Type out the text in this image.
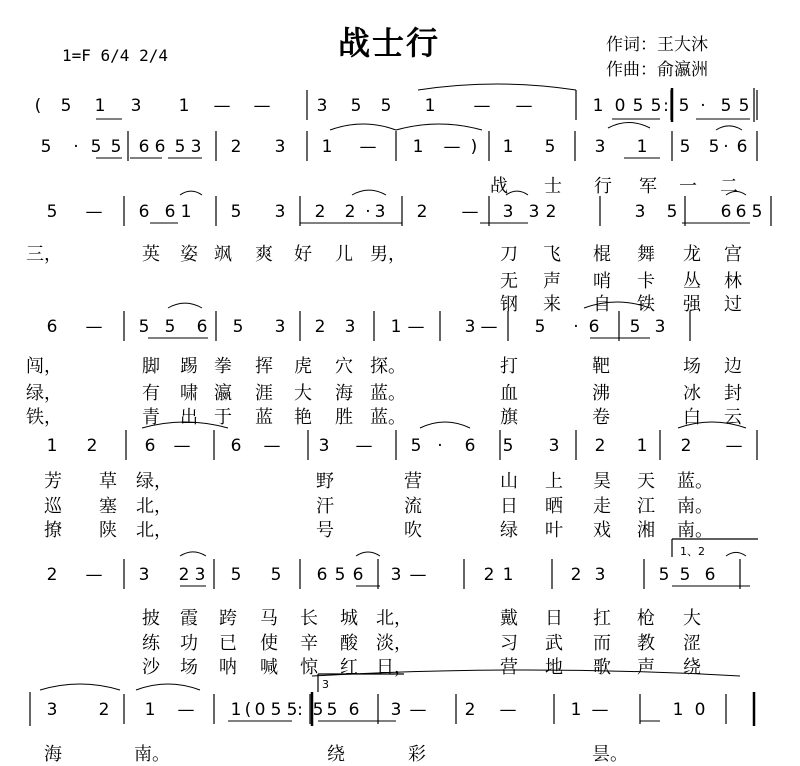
战士行
1=F 6/4 2/4
作词：王大沐
作曲：俞瀛洲
(	5 1 3 1 — —	3 5 5 1 — —	1 0 5 5 : 5 · 5 5
5	· 5 5 6 6 5 3 2 3 1 — 1 — )	1 5 3 1 5 5 · 6
战	士	行	军	一	二
5 — 6 6 1 5 3 2 2 · 3 2 — 3 3 2	3 5	6 6 5
三，	英	姿 飒	爽	好	儿 男，	刀	飞	棍	舞	龙	宫
无	声	哨	卡	丛	林
钢	来	自	铁	强	过
6 — 5 5 6 5 3 2 3 1 — 3 — 5	· 6 5 3
闯，	脚	踢 拳	挥	虎	穴 探。	打	靶	场	边
绿，	有	啸 瀛	涯	大	海 蓝。	血	沸	冰	封
铁，	青	出 于	蓝	艳	胜 蓝。	旗	卷	白	云
1 2	6 — 6 — 3 — 5 ·	6 5 3 2 1 2 —
芳	草	绿，	野	营	山	上	昊	天	蓝。
巡	塞	北，	汗	流	日	晒	走	江	南。
撩	陕	北，	号	吹	绿	叶	戏	湘	南。
2 — 3 2 3 5 5 6 5 6 3 —	2 1	2 3	5 5 6
披	霞	跨	马	长	城	北，	戴	日	扛	枪	大
练	功	已	使	辛	酸	淡，	习	武	而	教	涩
沙	场	呐	喊	惊	红	日，	营	地	歌	声	绕
1、2
3 2 1 — 1 ( 0 5 5 : 5 5 6 3 — 2 —	1 —	1 0
海	南。	绕	彩	昙。
3
